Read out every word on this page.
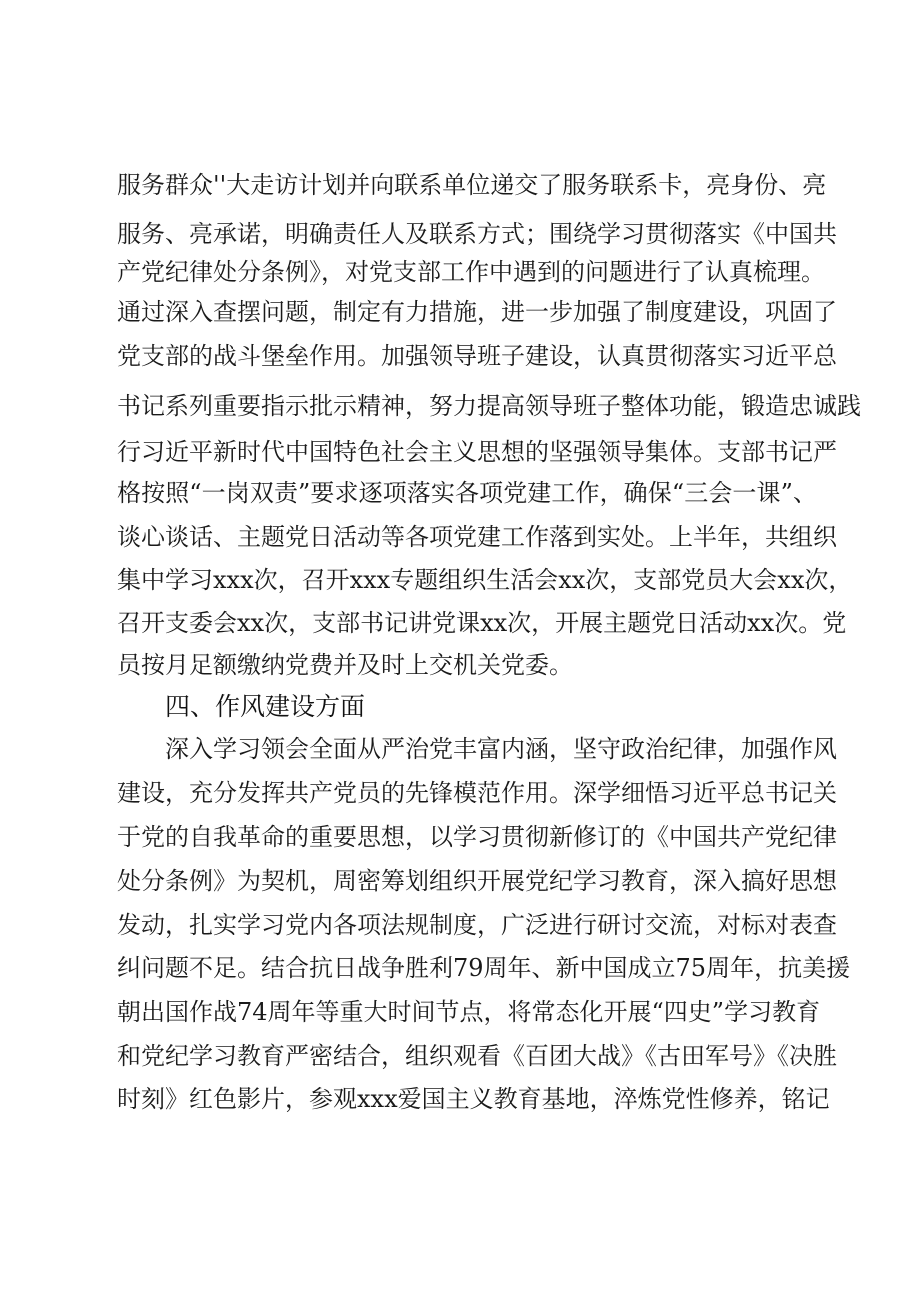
服务群众''大走访计划并向联系单位递交了服务联系卡，亮身份、亮
服务、亮承诺，明确责任人及联系方式；围绕学习贯彻落实《中国共
产党纪律处分条例》，对党支部工作中遇到的问题进行了认真梳理。
通过深入查摆问题，制定有力措施，进一步加强了制度建设，巩固了
党支部的战斗堡垒作用。加强领导班子建设，认真贯彻落实习近平总
书记系列重要指示批示精神，努力提高领导班子整体功能，锻造忠诚践
行习近平新时代中国特色社会主义思想的坚强领导集体。支部书记严
格按照“一岗双责”要求逐项落实各项党建工作，确保“三会一课”、
谈心谈话、主题党日活动等各项党建工作落到实处。上半年，共组织
集中学习xxx次，召开xxx专题组织生活会xx次，支部党员大会xx次，
召开支委会xx次，支部书记讲党课xx次，开展主题党日活动xx次。党
员按月足额缴纳党费并及时上交机关党委。
四、作风建设方面
深入学习领会全面从严治党丰富内涵，坚守政治纪律，加强作风
建设，充分发挥共产党员的先锋模范作用。深学细悟习近平总书记关
于党的自我革命的重要思想，以学习贯彻新修订的《中国共产党纪律
处分条例》为契机，周密筹划组织开展党纪学习教育，深入搞好思想
发动，扎实学习党内各项法规制度，广泛进行研讨交流，对标对表查
纠问题不足。结合抗日战争胜利79周年、新中国成立75周年，抗美援
朝出国作战74周年等重大时间节点，将常态化开展“四史”学习教育
和党纪学习教育严密结合，组织观看《百团大战》《古田军号》《决胜
时刻》红色影片，参观xxx爱国主义教育基地，淬炼党性修养，铭记
